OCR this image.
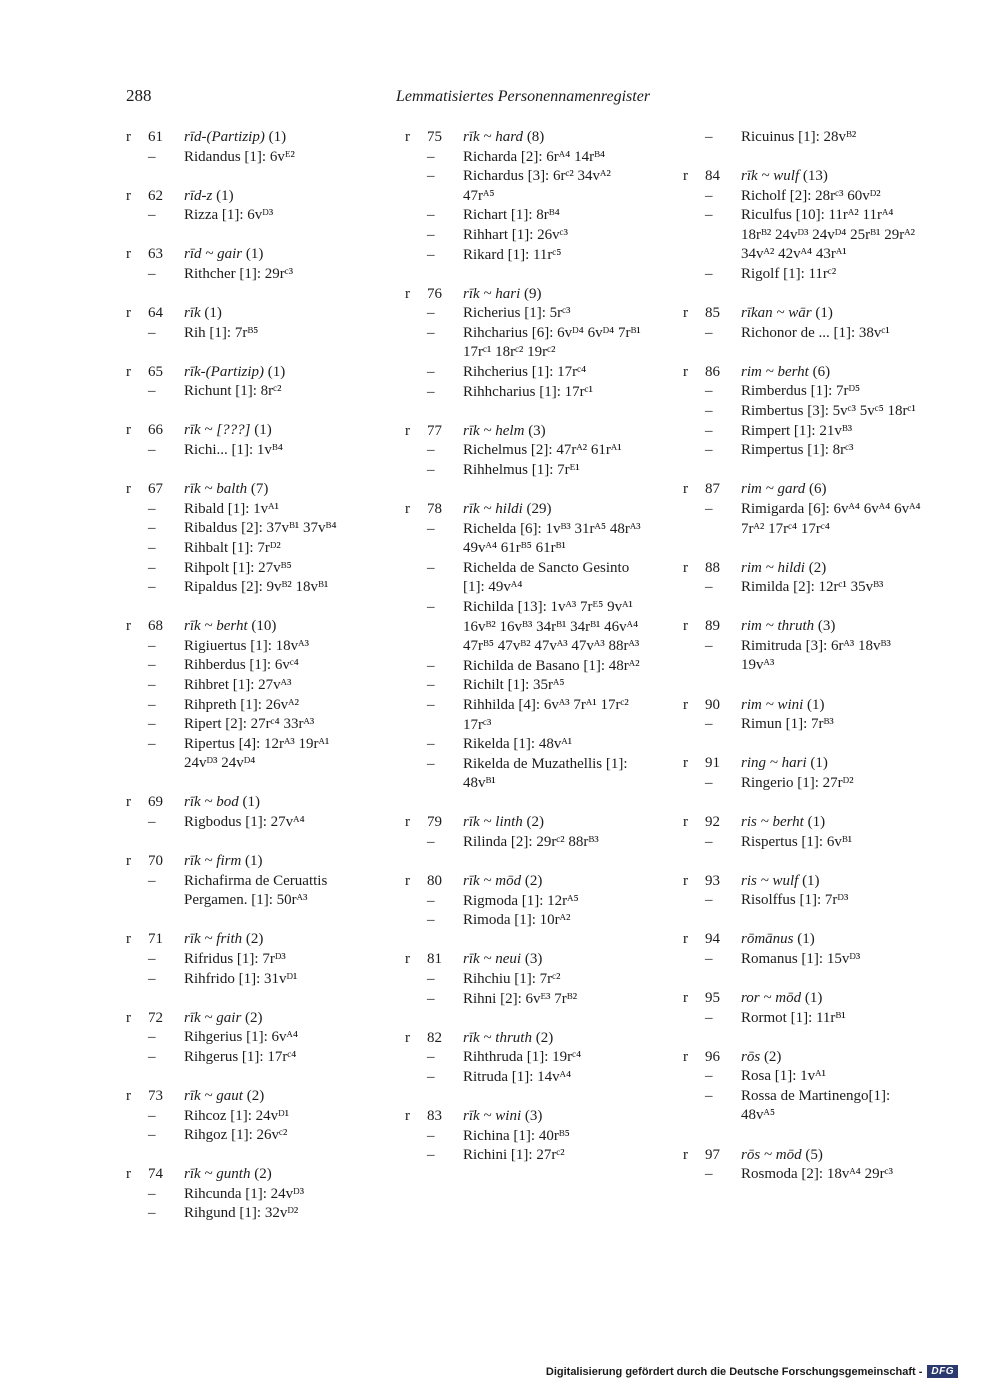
288	Lemmatisiertes Personennamenregister
r	61	rīd-(Partizip) (1)
–	Ridandus [1]: 6vᴱ²
r	62	rīd-z (1)
–	Rizza [1]: 6vᴰ³
r	63	rīd ~ gair (1)
–	Rithcher [1]: 29rᶜ³
r	64	rīk (1)
–	Rih [1]: 7rᴮ⁵
r	65	rīk-(Partizip) (1)
–	Richunt [1]: 8rᶜ²
r	66	rīk ~ [???] (1)
–	Richi... [1]: 1vᴮ⁴
r	67	rīk ~ balth (7)
–	Ribald [1]: 1vᴬ¹
–	Ribaldus [2]: 37vᴮ¹ 37vᴮ⁴
–	Rihbalt [1]: 7rᴰ²
–	Rihpolt [1]: 27vᴮ⁵
–	Ripaldus [2]: 9vᴮ² 18vᴮ¹
r	68	rīk ~ berht (10)
–	Rigiuertus [1]: 18vᴬ³
–	Rihberdus [1]: 6vᶜ⁴
–	Rihbret [1]: 27vᴬ³
–	Rihpreth [1]: 26vᴬ²
–	Ripert [2]: 27rᶜ⁴ 33rᴬ³
–	Ripertus [4]: 12rᴬ³ 19rᴬ¹ 24vᴰ³ 24vᴰ⁴
r	69	rīk ~ bod (1)
–	Rigbodus [1]: 27vᴬ⁴
r	70	rīk ~ firm (1)
–	Richafirma de Ceruattis Pergamen. [1]: 50rᴬ³
r	71	rīk ~ frith (2)
–	Rifridus [1]: 7rᴰ³
–	Rihfrido [1]: 31vᴰ¹
r	72	rīk ~ gair (2)
–	Rihgerius [1]: 6vᴬ⁴
–	Rihgerus [1]: 17rᶜ⁴
r	73	rīk ~ gaut (2)
–	Rihcoz [1]: 24vᴰ¹
–	Rihgoz [1]: 26vᶜ²
r	74	rīk ~ gunth (2)
–	Rihcunda [1]: 24vᴰ³
–	Rihgund [1]: 32vᴰ²
r	75	rīk ~ hard (8)
–	Richarda [2]: 6rᴬ⁴ 14rᴮ⁴
–	Richardus [3]: 6rᶜ² 34vᴬ² 47rᴬ⁵
–	Richart [1]: 8rᴮ⁴
–	Rihhart [1]: 26vᶜ³
–	Rikard [1]: 11rᶜ⁵
r	76	rīk ~ hari (9)
–	Richerius [1]: 5rᶜ³
–	Rihcharius [6]: 6vᴰ⁴ 6vᴰ⁴ 7rᴮ¹ 17rᶜ¹ 18rᶜ² 19rᶜ²
–	Rihcherius [1]: 17rᶜ⁴
–	Rihhcharius [1]: 17rᶜ¹
r	77	rīk ~ helm (3)
–	Richelmus [2]: 47rᴬ² 61rᴬ¹
–	Rihhelmus [1]: 7rᴱ¹
r	78	rīk ~ hildi (29)
–	Richelda [6]: 1vᴮ³ 31rᴬ⁵ 48rᴬ³ 49vᴬ⁴ 61rᴮ⁵ 61rᴮ¹
–	Richelda de Sancto Gesinto [1]: 49vᴬ⁴
–	Richilda [13]: 1vᴬ³ 7rᴱ⁵ 9vᴬ¹ 16vᴮ² 16vᴮ³ 34rᴮ¹ 34rᴮ¹ 46vᴬ⁴ 47rᴮ⁵ 47vᴮ² 47vᴬ³ 47vᴬ³ 88rᴬ³
–	Richilda de Basano [1]: 48rᴬ²
–	Richilt [1]: 35rᴬ⁵
–	Rihhilda [4]: 6vᴬ³ 7rᴬ¹ 17rᶜ² 17rᶜ³
–	Rikelda [1]: 48vᴬ¹
–	Rikelda de Muzathellis [1]: 48vᴮ¹
r	79	rīk ~ linth (2)
–	Rilinda [2]: 29rᶜ² 88rᴮ³
r	80	rīk ~ mōd (2)
–	Rigmoda [1]: 12rᴬ⁵
–	Rimoda [1]: 10rᴬ²
r	81	rīk ~ neui (3)
–	Rihchiu [1]: 7rᶜ²
–	Rihni [2]: 6vᴱ³ 7rᴮ²
r	82	rīk ~ thruth (2)
–	Rihthruda [1]: 19rᶜ⁴
–	Ritruda [1]: 14vᴬ⁴
r	83	rīk ~ wini (3)
–	Richina [1]: 40rᴮ⁵
–	Richini [1]: 27rᶜ²
–	Ricuinus [1]: 28vᴮ²
r	84	rīk ~ wulf (13)
–	Richolf [2]: 28rᶜ³ 60vᴰ²
–	Riculfus [10]: 11rᴬ² 11rᴬ⁴ 18rᴮ² 24vᴰ³ 24vᴰ⁴ 25rᴮ¹ 29rᴬ² 34vᴬ² 42vᴬ⁴ 43rᴬ¹
–	Rigolf [1]: 11rᶜ²
r	85	rīkan ~ wār (1)
–	Richonor de ... [1]: 38vᶜ¹
r	86	rim ~ berht (6)
–	Rimberdus [1]: 7rᴰ⁵
–	Rimbertus [3]: 5vᶜ³ 5vᶜ⁵ 18rᶜ¹
–	Rimpert [1]: 21vᴮ³
–	Rimpertus [1]: 8rᶜ³
r	87	rim ~ gard (6)
–	Rimigarda [6]: 6vᴬ⁴ 6vᴬ⁴ 6vᴬ⁴ 7rᴬ² 17rᶜ⁴ 17rᶜ⁴
r	88	rim ~ hildi (2)
–	Rimilda [2]: 12rᶜ¹ 35vᴮ³
r	89	rim ~ thruth (3)
–	Rimitruda [3]: 6rᴬ³ 18vᴮ³ 19vᴬ³
r	90	rim ~ wini (1)
–	Rimun [1]: 7rᴮ³
r	91	ring ~ hari (1)
–	Ringerio [1]: 27rᴰ²
r	92	ris ~ berht (1)
–	Rispertus [1]: 6vᴮ¹
r	93	ris ~ wulf (1)
–	Risolffus [1]: 7rᴰ³
r	94	rōmānus (1)
–	Romanus [1]: 15vᴰ³
r	95	ror ~ mōd (1)
–	Rormot [1]: 11rᴮ¹
r	96	rōs (2)
–	Rosa [1]: 1vᴬ¹
–	Rossa de Martinengo[1]: 48vᴬ⁵
r	97	rōs ~ mōd (5)
–	Rosmoda [2]: 18vᴬ⁴ 29rᶜ³
Digitalisierung gefördert durch die Deutsche Forschungsgemeinschaft - DFG
